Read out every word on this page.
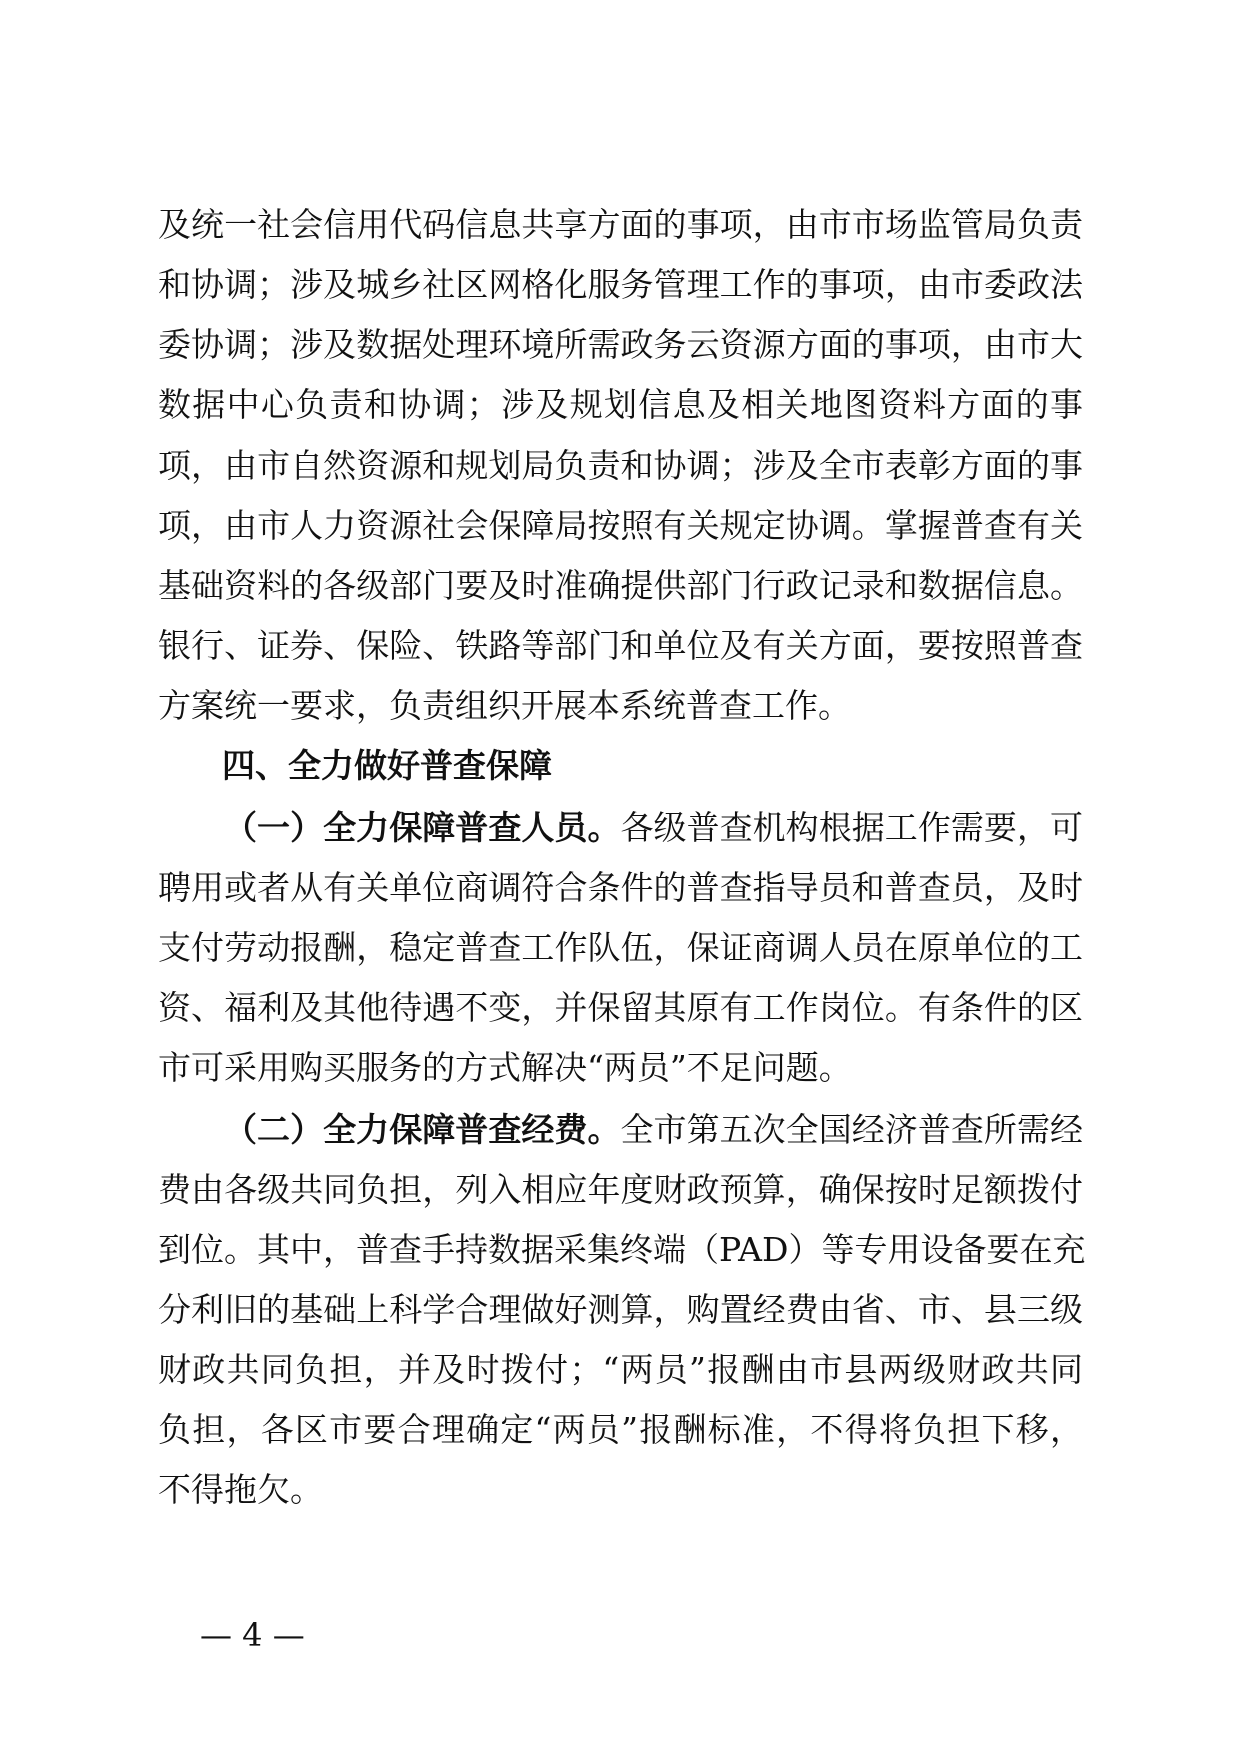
及统一社会信用代码信息共享方面的事项，由市市场监管局负责
和协调；涉及城乡社区网格化服务管理工作的事项，由市委政法
委协调；涉及数据处理环境所需政务云资源方面的事项，由市大
数据中心负责和协调；涉及规划信息及相关地图资料方面的事
项，由市自然资源和规划局负责和协调；涉及全市表彰方面的事
项，由市人力资源社会保障局按照有关规定协调。掌握普查有关
基础资料的各级部门要及时准确提供部门行政记录和数据信息。
银行、证券、保险、铁路等部门和单位及有关方面，要按照普查
方案统一要求，负责组织开展本系统普查工作。
四、全力做好普查保障
（一）全力保障普查人员。各级普查机构根据工作需要，可
聘用或者从有关单位商调符合条件的普查指导员和普查员，及时
支付劳动报酬，稳定普查工作队伍，保证商调人员在原单位的工
资、福利及其他待遇不变，并保留其原有工作岗位。有条件的区
市可采用购买服务的方式解决“两员”不足问题。
（二）全力保障普查经费。全市第五次全国经济普查所需经
费由各级共同负担，列入相应年度财政预算，确保按时足额拨付
到位。其中，普查手持数据采集终端（PAD）等专用设备要在充
分利旧的基础上科学合理做好测算，购置经费由省、市、县三级
财政共同负担，并及时拨付；“两员”报酬由市县两级财政共同
负担，各区市要合理确定“两员”报酬标准，不得将负担下移，
不得拖欠。
— 4 —
